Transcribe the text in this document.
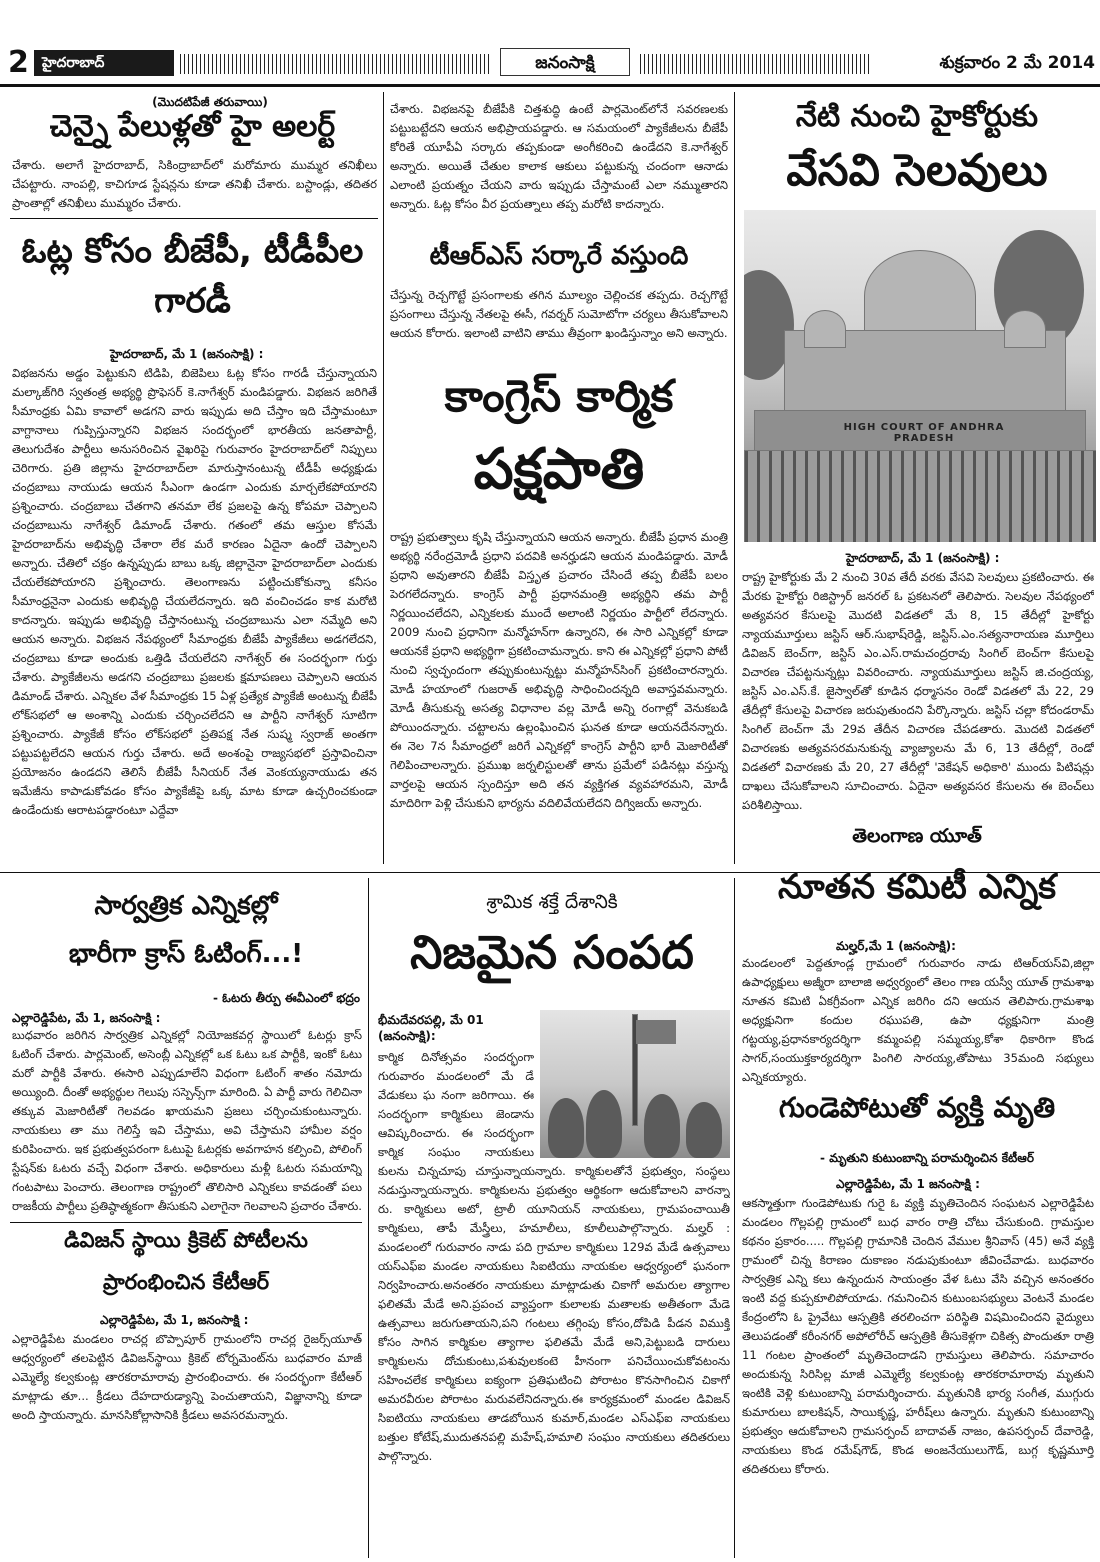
2 హైదరాబాద్	జనంసాక్షి	శుక్రవారం 2 మే 2014
(మొదటిపేజీ తరువాయి)
చెన్నై పేలుళ్లతో హై అలర్ట్
చేశారు. అలాగే హైదరాబాద్, సికింద్రాబాద్‌లో మరోమారు ముమ్మర తనిఖీలు చేపట్టారు. నాంపల్లి, కాచిగూడ స్టేషన్లను కూడా తనిఖీ చేశారు. బస్టాండ్లు, తదితర ప్రాంతాల్లో తనిఖీలు ముమ్మరం చేశారు.
ఓట్ల కోసం బీజేపీ, టీడీపీల గారడీ
హైదరాబాద్, మే 1 (జనంసాక్షి) :
విభజనను అడ్డం పెట్టుకుని టిడిపి, బిజెపిలు ఓట్ల కోసం గారడీ చేస్తున్నాయని మల్కాజ్‌గిరి స్వతంత్ర అభ్యర్థి ప్రొఫెసర్ కె.నాగేశ్వర్ మండిపడ్డారు. విభజన జరిగితే సీమాంధ్రకు ఏమి కావాలో అడగని వారు ఇప్పుడు అది చేస్తాం ఇది చేస్తామంటూ వాగ్దానాలు గుప్పిస్తున్నారని విభజన సందర్భంలో భారతీయ జనతాపార్టీ, తెలుగుదేశం పార్టీలు అనుసరించిన వైఖరిపై గురువారం హైదరాబాద్‌లో నిప్పులు చెరిగారు. ప్రతి జిల్లాను హైదరాబాద్‌లా మారుస్తానంటున్న టీడీపీ అధ్యక్షుడు చంద్రబాబు నాయుడు ఆయన సీఎంగా ఉండగా ఎందుకు మార్చలేకపోయారని ప్రశ్నించారు. చంద్రబాబు చేతగాని తనమా లేక ప్రజలపై ఉన్న కోపమా చెప్పాలని చంద్రబాబును నాగేశ్వర్ డిమాండ్ చేశారు. గతంలో తమ ఆస్తుల కోసమే హైదరాబాద్‌ను అభివృద్ధి చేశారా లేక మరే కారణం ఏదైనా ఉందో చెప్పాలని అన్నారు. చేతిలో చక్రం ఉన్నప్పుడు బాబు ఒక్క జిల్లానైనా హైదరాబాద్‌లా ఎందుకు చేయలేకపోయారని ప్రశ్నించారు. తెలంగాణను పట్టించుకోకున్నా కనీసం సీమాంధ్రనైనా ఎందుకు అభివృద్ధి చేయలేదన్నారు. ఇది వంచించడం కాక మరోటి కాదన్నారు. ఇప్పుడు అభివృద్ధి చేస్తానంటున్న చంద్రబాబును ఎలా నమ్మేది అని ఆయన అన్నారు. విభజన నేపథ్యంలో సీమాంధ్రకు బీజేపీ ప్యాకేజీలు అడగలేదని, చంద్రబాబు కూడా అందుకు ఒత్తిడి చేయలేదని నాగేశ్వర్ ఈ సందర్భంగా గుర్తు చేశారు. ప్యాకేజీలను అడగని చంద్రబాబు ప్రజలకు క్షమాపణలు చెప్పాలని ఆయన డిమాండ్ చేశారు. ఎన్నికల వేళ సీమాంధ్రకు 15 ఏళ్ల ప్రత్యేక ప్యాకేజీ అంటున్న బీజేపీ లోక్‌సభలో ఆ అంశాన్ని ఎందుకు చర్చించలేదని ఆ పార్టీని నాగేశ్వర్ సూటిగా ప్రశ్నించారు. ప్యాకేజీ కోసం లోక్‌సభలో ప్రతిపక్ష నేత సుష్మ స్వరాజ్ అంతగా పట్టుపట్టలేదని ఆయన గుర్తు చేశారు. అదే అంశంపై రాజ్యసభలో ప్రస్తావించినా ప్రయోజనం ఉండదని తెలిసే బీజేపీ సీనియర్ నేత వెంకయ్యనాయుడు తన ఇమేజీను కాపాడుకోవడం కోసం ప్యాకేజీపై ఒక్క మాట కూడా ఉచ్చరించకుండా ఉండేందుకు ఆరాటపడ్డారంటూ ఎద్దేవా
చేశారు. విభజనపై బీజేపీకి చిత్తశుద్ధి ఉంటే పార్లమెంట్‌లోనే సవరణలకు పట్టుబట్టేదని ఆయన అభిప్రాయపడ్డారు. ఆ సమయంలో ప్యాకేజీలను బీజేపీ కోరితే యూపీఏ సర్కారు తప్పకుండా అంగీకరించి ఉండేదని కె.నాగేశ్వర్ అన్నారు. అయితే చేతుల కాలాక ఆకులు పట్టుకున్న చందంగా ఆనాడు ఎలాంటి ప్రయత్నం చేయని వారు ఇప్పుడు చేస్తామంటే ఎలా నమ్ముతారని అన్నారు. ఓట్ల కోసం వీర ప్రయత్నాలు తప్ప మరోటి కాదన్నారు.
టీఆర్‌ఎస్ సర్కారే వస్తుంది
చేస్తున్న రెచ్చగొట్టే ప్రసంగాలకు తగిన మూల్యం చెల్లించక తప్పదు. రెచ్చగొట్టే ప్రసంగాలు చేస్తున్న నేతలపై ఈసీ, గవర్నర్ సుమోటోగా చర్యలు తీసుకోవాలని ఆయన కోరారు. ఇలాంటి వాటిని తాము తీవ్రంగా ఖండిస్తున్నాం అని అన్నారు.
కాంగ్రెస్ కార్మిక
పక్షపాతి
రాష్ట్ర ప్రభుత్వాలు కృషి చేస్తున్నాయని ఆయన అన్నారు. బీజేపీ ప్రధాన మంత్రి అభ్యర్థి నరేంద్రమోడీ ప్రధాని పదవికి అనర్హుడని ఆయన మండిపడ్డారు. మోడీ ప్రధాని అవుతారని బీజేపీ విస్తృత ప్రచారం చేసిందే తప్ప బీజేపీ బలం పెరగలేదన్నారు. కాంగ్రెస్ పార్టీ ప్రధానమంత్రి అభ్యర్థిని తమ పార్టీ నిర్ణయించలేదని, ఎన్నికలకు ముందే అలాంటి నిర్ణయం పార్టీలో లేదన్నారు. 2009 నుంచి ప్రధానిగా మన్మోహన్‌గా ఉన్నారని, ఈ సారి ఎన్నికల్లో కూడా ఆయనకే ప్రధాని అభ్యర్థిగా ప్రకటించామన్నారు. కాని ఈ ఎన్నికల్లో ప్రధాని పోటీ నుంచి స్వచ్ఛందంగా తప్పుకుంటున్నట్టు మన్మోహన్‌సింగ్ ప్రకటించారన్నారు. మోడీ హయాంలో గుజరాత్ అభివృద్ధి సాధించిందన్నది అవాస్తవమన్నారు. మోడీ తీసుకున్న అసత్య విధానాల వల్ల మోడీ అన్ని రంగాల్లో వెనుకబడి పోయిందన్నారు. చట్టాలను ఉల్లంఘించిన ఘనత కూడా ఆయనదేనన్నారు. ఈ నెల 7న సీమాంధ్రలో జరిగే ఎన్నికల్లో కాంగ్రెస్ పార్టీని భారీ మెజారిటీతో గెలిపించాలన్నారు. ప్రముఖ జర్నలిస్టులతో తాను ప్రమేలో పడినట్లు వస్తున్న వార్తలపై ఆయన స్పందిస్తూ అది తన వ్యక్తిగత వ్యవహారమని, మోడీ మాదిరిగా పెళ్లి చేసుకుని భార్యను వదిలివేయలేదని దిగ్విజయ్ అన్నారు.
నేటి నుంచి హైకోర్టుకు
వేసవి సెలవులు
HIGH COURT OF ANDHRA PRADESH
హైదరాబాద్, మే 1 (జనంసాక్షి) :
రాష్ట్ర హైకోర్టుకు మే 2 నుంచి 30వ తేదీ వరకు వేసవి సెలవులు ప్రకటించారు. ఈ మేరకు హైకోర్టు రిజిస్ట్రార్ జనరల్ ఓ ప్రకటనలో తెలిపారు. సెలవుల నేపథ్యంలో అత్యవసర కేసులపై మొదటి విడతలో మే 8, 15 తేదీల్లో హైకోర్టు న్యాయమూర్తులు జస్టిస్ ఆర్.సుభాష్‌రెడ్డి, జస్టిస్.ఎం.సత్యనారాయణ మూర్తిలు డివిజన్ బెంచ్‌గా, జస్టిస్ ఎం.ఎస్.రామచంద్రరావు సింగిల్ బెంచ్‌గా కేసులపై విచారణ చేపట్టనున్నట్లు వివరించారు. న్యాయమూర్తులు జస్టిస్ జి.చంద్రయ్య, జస్టిస్ ఎం.ఎస్.కే. జైస్వాల్‌తో కూడిన ధర్మాసనం రెండో విడతలో మే 22, 29 తేదీల్లో కేసులపై విచారణ జరుపుతుందని పేర్కొన్నారు. జస్టిస్ చల్లా కోదండరామ్ సింగిల్ బెంచ్‌గా మే 29వ తేదీన విచారణ చేపడతారు. మొదటి విడతలో విచారణకు అత్యవసరమనుకున్న వ్యాజ్యాలను మే 6, 13 తేదీల్లో, రెండో విడతలో విచారణకు మే 20, 27 తేదీల్లో 'వెకేషన్ అధికారి' ముందు పిటిషన్లు దాఖలు చేసుకోవాలని సూచించారు. ఏదైనా అత్యవసర కేసులను ఈ బెంచ్‌లు పరిశీలిస్తాయి.
తెలంగాణ యూత్
సార్వత్రిక ఎన్నికల్లో
భారీగా క్రాస్ ఓటింగ్...!
- ఓటరు తీర్పు ఈవీఎంలో భద్రం
ఎల్లారెడ్డిపేట, మే 1, జనంసాక్షి :
బుధవారం జరిగిన సార్వత్రిక ఎన్నికల్లో నియోజకవర్గ స్థాయిలో ఓటర్లు క్రాస్ ఓటింగ్ చేశారు. పార్లమెంట్, అసెంబ్లీ ఎన్నికల్లో ఒక ఓటు ఒక పార్టీకి, ఇంకో ఓటు మరో పార్టీకి వేశారు. ఈసారి ఎప్పుడూలేని విధంగా ఓటింగ్ శాతం నమోదు అయ్యింది. దీంతో అభ్యర్థుల గెలుపు సస్పెన్స్‌గా మారింది. ఏ పార్టీ వారు గెలిచినా తక్కువ మెజారిటీతో గెలవడం ఖాయమని ప్రజలు చర్చించుకుంటున్నారు. నాయకులు తా ము గెలిస్తే ఇవి చేస్తాము, అవి చేస్తామని హామీల వర్షం కురిపించారు. ఇక ప్రభుత్వపరంగా ఓటుపై ఓటర్లకు అవగాహన కల్పించి, పోలింగ్ స్టేషన్‌కు ఓటరు వచ్చే విధంగా చేశారు. అధికారులు మళ్లీ ఓటరు సమయాన్ని గంటపాటు పెంచారు. తెలంగాణ రాష్ట్రంలో తొలిసారి ఎన్నికలు కావడంతో పలు రాజకీయ పార్టీలు ప్రతిష్ఠాత్మకంగా తీసుకుని ఎలాగైనా గెలవాలని ప్రచారం చేశారు.
డివిజన్ స్థాయి క్రికెట్ పోటీలను
ప్రారంభించిన కేటీఆర్
ఎల్లారెడ్డిపేట, మే 1, జనంసాక్షి :
ఎల్లారెడ్డిపేట మండలం రాచర్ల బొప్పాపూర్ గ్రామంలోని రాచర్ల రైజర్స్‌యూత్ ఆధ్వర్యంలో తలపెట్టిన డివిజన్‌స్థాయి క్రికెట్ టోర్నమెంట్‌ను బుధవారం మాజీ ఎమ్మెల్యే కల్వకుంట్ల తారకరామారావు ప్రారంభించారు. ఈ సందర్భంగా కేటీఆర్ మాట్లాడు తూ... క్రీడలు దేహదారుడ్యాన్ని పెంచుతాయని, విజ్ఞానాన్ని కూడా అంది స్తాయన్నారు. మానసికోల్లాసానికి క్రీడలు అవసరమన్నారు.
శ్రామిక శక్తే దేశానికి
నిజమైన సంపద
భీమదేవరపల్లి, మే 01 (జనంసాక్షి):
కార్మిక దినోత్సవం సందర్భంగా గురువారం మండలంలో మే డే వేడుకలు ఘ నంగా జరిగాయి. ఈ సందర్భంగా కార్మికులు జెండాను ఆవిష్కరించారు. ఈ సందర్భంగా కార్మిక సంఘం నాయకులు
కులను చిన్నచూపు చూస్తున్నాయన్నారు. కార్మికులతోనే ప్రభుత్వం, సంస్థలు నడుస్తున్నాయన్నారు. కార్మికులను ప్రభుత్వం ఆర్థికంగా ఆదుకోవాలని వారన్నా రు. కార్మికులు అటో, ట్రాలీ యూనియన్ నాయకులు, గ్రామపంచాయితీ కార్మికులు, తాపీ మేస్త్రీలు, హమాలీలు, కూలీలుపాల్గొన్నారు. మల్హర్ : మండలంలో గురువారం నాడు పది గ్రామాల కార్మికులు 129వ మేడే ఉత్సవాలు యస్‌ఎఫ్ఐ మండల నాయకులు సిఐటియు నాయకుల ఆధ్వర్యంలో ఘనంగా నిర్వహించారు.అనంతరం నాయకులు మాట్లాడుతు చికాగో అమరుల త్యాగాల ఫలితమే మేడే అని.ప్రపంచ వ్యాప్తంగా కులాలకు మతాలకు అతీతంగా మేడె ఉత్సవాలు జరుగుతాయని,పని గంటలు తగ్గింపు కోసం,దోపిడి పీడన విముక్తి కోసం సాగిన కార్మికుల త్యాగాల ఫలితమే మేడే అని,పెట్టుబడి దారులు కార్మికులను దోచుకుంటు,పశువులకంటె హీనంగా పనిచేయించుకోవటంను సహించలేక కార్మికులు ఐక్యంగా ప్రతిఘటించి పోరాటం కొనసాగించిన చికాగో అమరవీరుల పోరాటం మరువలేనిదన్నారు.ఈ కార్యక్రమంలో మండల డివిజన్ సిఐటియు నాయకులు తాడబోయిన కుమార్,మండల ఎస్‌ఎఫ్ఐ నాయకులు బత్తుల కోటేష్,ముదుతనపల్లి మహేష్,హమాలి సంఘం నాయకులు తదితరులు పాల్గొన్నారు.
నూతన కమిటీ ఎన్నిక
మల్హర్,మే 1 (జనంసాక్షి):
మండలంలో పెద్దతూండ్ల గ్రామంలో గురువారం నాడు టిఆర్‌యస్‌వి,జిల్లా ఉపాధ్యక్షులు అజ్మీరా బాలాజి అధ్వర్యంలో తెలం గాణ యస్వీ యూత్ గ్రామశాఖ నూతన కమిటి ఏకగ్రీవంగా ఎన్నిక జరిగిం దని ఆయన తెలిపారు.గ్రామశాఖ అధ్యక్షునిగా కందుల రఘుపతి, ఉపా ధ్యక్షునిగా మంత్రి గట్టయ్య,ప్రధానకార్యదర్శిగా కమ్మంపల్లి సమ్మయ్య,కోశా ధికారిగా కొండ సాగర్,సంయుక్తకార్యదర్శిగా పింగిలి సారయ్య,తోపాటు 35మంది సభ్యులు ఎన్నికయ్యారు.
గుండెపోటుతో వ్యక్తి మృతి
- మృతుని కుటుంబాన్ని పరామర్శించిన కేటీఆర్
ఎల్లారెడ్డిపేట, మే 1 జనంసాక్షి :
ఆకస్మాత్తుగా గుండెపోటుకు గురై ఓ వ్యక్తి మృతిచెందిన సంఘటన ఎల్లారెడ్డిపేట మండలం గొల్లపల్లి గ్రామంలో బుధ వారం రాత్రి చోటు చేసుకుంది. గ్రామస్తుల కథనం ప్రకారం..... గొల్లపల్లి గ్రామానికి చెందిన వేముల శ్రీనివాస్ (45) అనే వ్యక్తి గ్రామంలో చిన్న కిరాణం దుకాణం నడుపుకుంటూ జీవించేవాడు. బుధవారం సార్వత్రిక ఎన్ని కలు ఉన్నందున సాయంత్రం వేళ ఓటు వేసి వచ్చిన అనంతరం ఇంటి వద్ద కుప్పకూలిపోయాడు. గమనించిన కుటుంబసభ్యులు వెంటనే మండల కేంద్రంలోని ఓ ప్రైవేటు ఆస్పత్రికి తరలించగా పరిస్థితి విషమించిందని వైద్యులు తెలుపడంతో కరీంనగర్ అపోలోరీచ్ ఆస్పత్రికి తీసుకెళ్లగా చికిత్స పొందుతూ రాత్రి 11 గంటల ప్రాంతంలో మృతిచెందాడని గ్రామస్తులు తెలిపారు. సమాచారం అందుకున్న సిరిసిల్ల మాజీ ఎమ్మెల్యే కల్వకుంట్ల తారకరామారావు మృతుని ఇంటికి వెళ్లి కుటుంబాన్ని పరామర్శించారు. మృతునికి భార్య సంగీత, ముగ్గురు కుమారులు బాలకిషన్, సాయికృష్ణ, హరీష్‌లు ఉన్నారు. మృతుని కుటుంబాన్ని ప్రభుత్వం ఆదుకోవాలని గ్రామసర్పంచ్ బాదావత్ నాజం, ఉపసర్పంచ్ దేవారెడ్డి, నాయకులు కొండ రమేష్‌గౌడ్, కొండ అంజనేయులుగౌడ్, బుగ్గ కృష్ణమూర్తి తదితరులు కోరారు.
